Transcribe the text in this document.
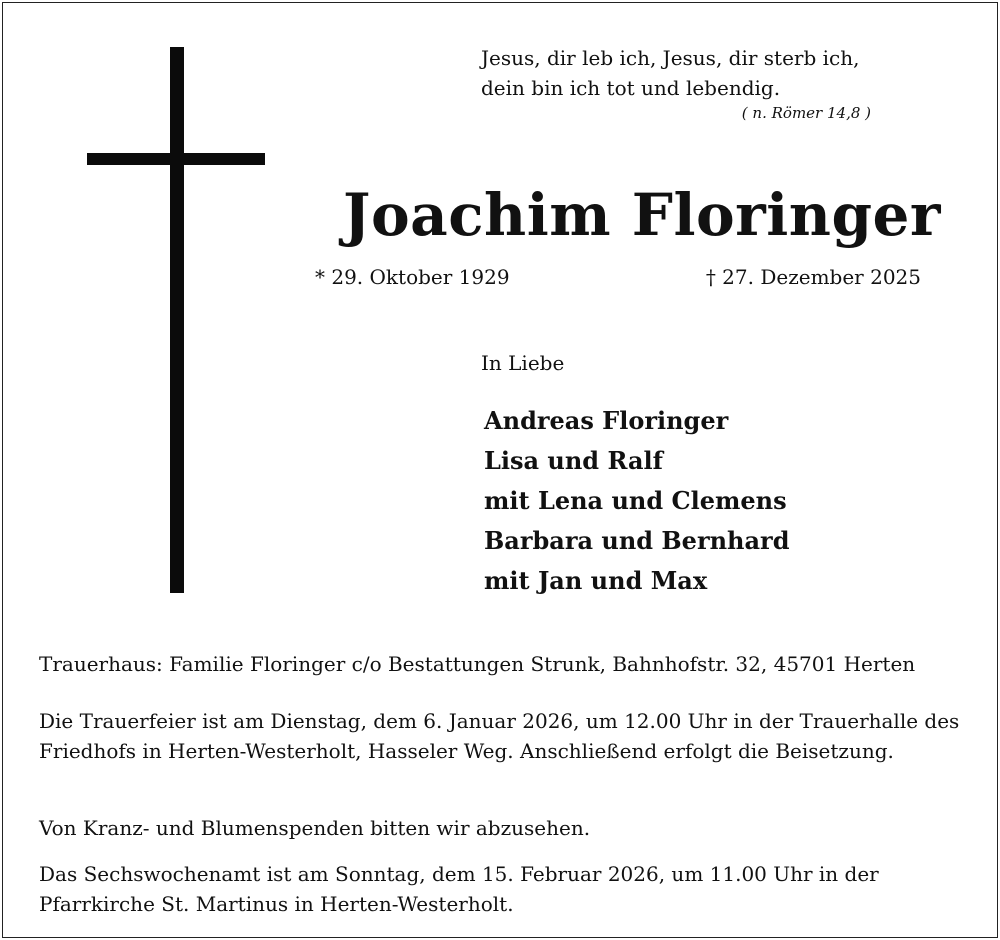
Jesus, dir leb ich, Jesus, dir sterb ich,
dein bin ich tot und lebendig.
( n. Römer 14,8 )
Joachim Floringer
* 29. Oktober 1929	† 27. Dezember 2025
In Liebe
Andreas Floringer
Lisa und Ralf
mit Lena und Clemens
Barbara und Bernhard
mit Jan und Max

Trauerhaus: Familie Floringer c/o Bestattungen Strunk, Bahnhofstr. 32, 45701 Herten

Die Trauerfeier ist am Dienstag, dem 6. Januar 2026, um 12.00 Uhr in der Trauerhalle des Friedhofs in Herten-Westerholt, Hasseler Weg. Anschließend erfolgt die Beisetzung.

Von Kranz- und Blumenspenden bitten wir abzusehen.

Das Sechswochenamt ist am Sonntag, dem 15. Februar 2026, um 11.00 Uhr in der Pfarrkirche St. Martinus in Herten-Westerholt.
